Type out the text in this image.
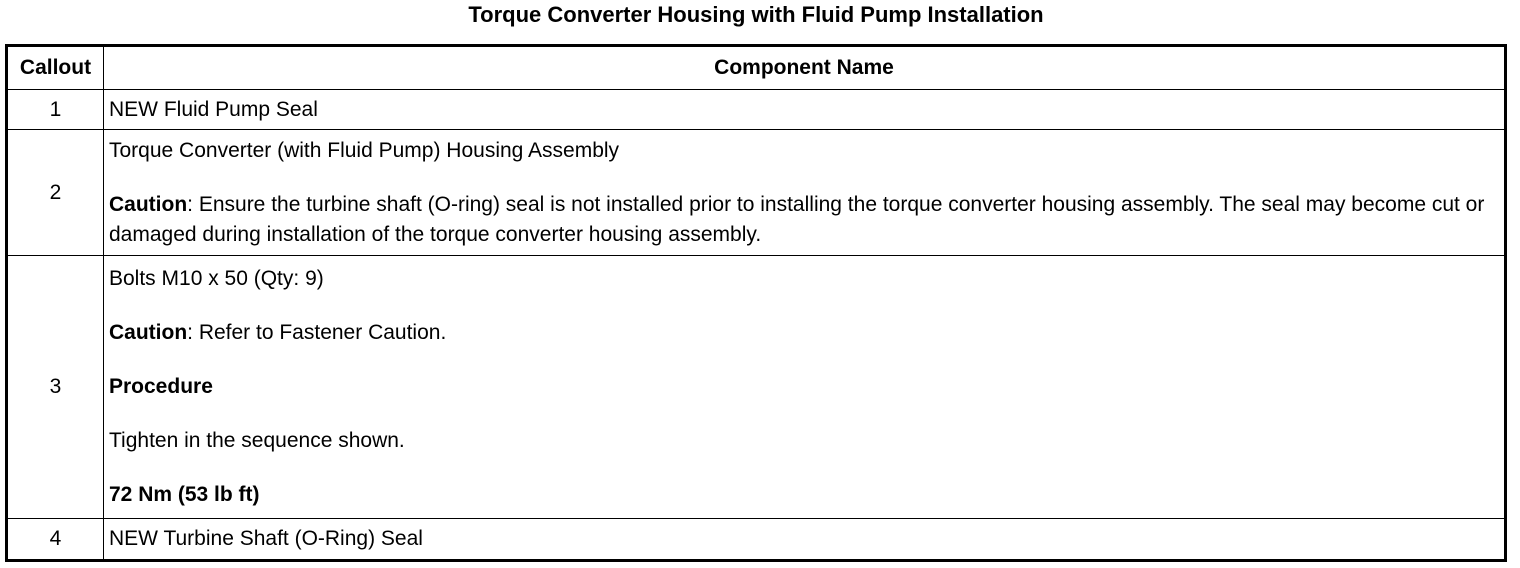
Torque Converter Housing with Fluid Pump Installation
Callout	Component Name
1	NEW Fluid Pump Seal
2	Torque Converter (with Fluid Pump) Housing Assembly

Caution: Ensure the turbine shaft (O-ring) seal is not installed prior to installing the torque converter housing assembly. The seal may become cut or damaged during installation of the torque converter housing assembly.

3	Bolts M10 x 50 (Qty: 9)

Caution: Refer to Fastener Caution.

Procedure

Tighten in the sequence shown.

72 Nm (53 lb ft)

4	NEW Turbine Shaft (O-Ring) Seal
